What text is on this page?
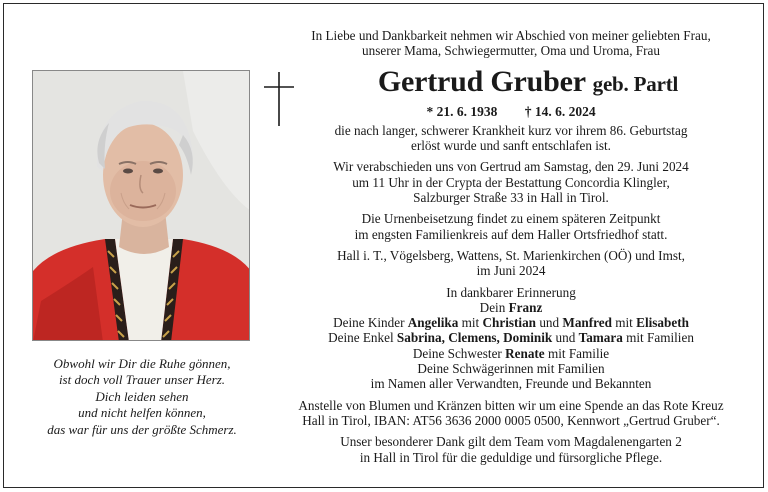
Obwohl wir Dir die Ruhe gönnen,
ist doch voll Trauer unser Herz.
Dich leiden sehen
und nicht helfen können,
das war für uns der größte Schmerz.
In Liebe und Dankbarkeit nehmen wir Abschied von meiner geliebten Frau,
unserer Mama, Schwiegermutter, Oma und Uroma, Frau
Gertrud Gruber geb. Partl
* 21. 6. 1938 † 14. 6. 2024
die nach langer, schwerer Krankheit kurz vor ihrem 86. Geburtstag
erlöst wurde und sanft entschlafen ist.
Wir verabschieden uns von Gertrud am Samstag, den 29. Juni 2024
um 11 Uhr in der Crypta der Bestattung Concordia Klingler,
Salzburger Straße 33 in Hall in Tirol.
Die Urnenbeisetzung findet zu einem späteren Zeitpunkt
im engsten Familienkreis auf dem Haller Ortsfriedhof statt.
Hall i. T., Vögelsberg, Wattens, St. Marienkirchen (OÖ) und Imst,
im Juni 2024
In dankbarer Erinnerung
Dein Franz
Deine Kinder Angelika mit Christian und Manfred mit Elisabeth
Deine Enkel Sabrina, Clemens, Dominik und Tamara mit Familien
Deine Schwester Renate mit Familie
Deine Schwägerinnen mit Familien
im Namen aller Verwandten, Freunde und Bekannten
Anstelle von Blumen und Kränzen bitten wir um eine Spende an das Rote Kreuz
Hall in Tirol, IBAN: AT56 3636 2000 0005 0500, Kennwort „Gertrud Gruber“.
Unser besonderer Dank gilt dem Team vom Magdalenengarten 2
in Hall in Tirol für die geduldige und fürsorgliche Pflege.
